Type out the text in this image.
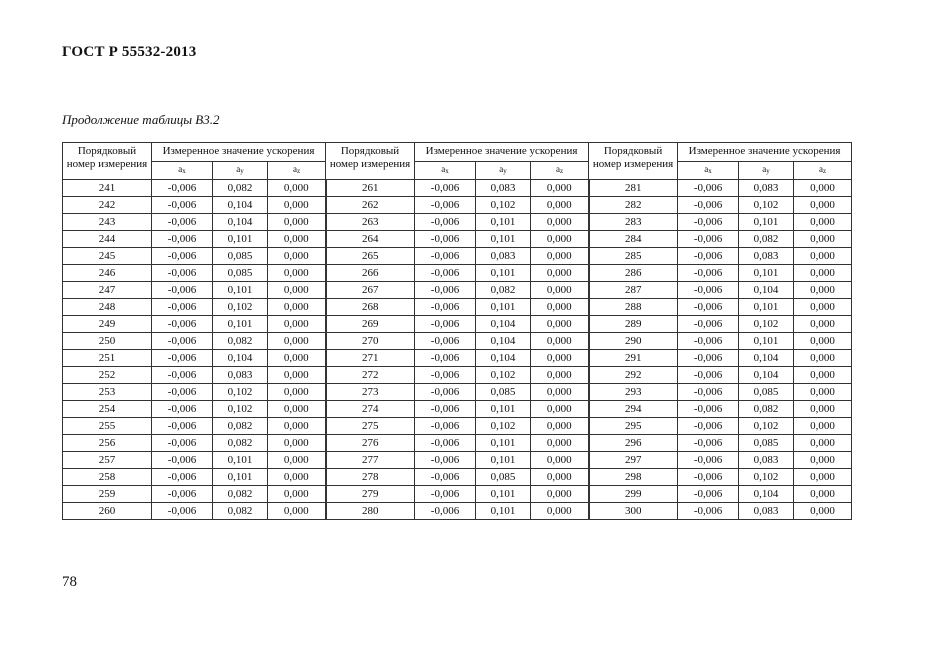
ГОСТ Р 55532-2013
Продолжение таблицы В3.2
Порядковый номер измерения	Измеренное значение ускорения			Порядковый номер измерения	Измеренное значение ускорения			Порядковый номер измерения	Измеренное значение ускорения		
	$a_x$	$a_y$	$a_z$		$a_x$	$a_y$	$a_z$		$a_x$	$a_y$	$a_z$
241	-0,006	0,082	0,000	261	-0,006	0,083	0,000	281	-0,006	0,083	0,000
242	-0,006	0,104	0,000	262	-0,006	0,102	0,000	282	-0,006	0,102	0,000
243	-0,006	0,104	0,000	263	-0,006	0,101	0,000	283	-0,006	0,101	0,000
244	-0,006	0,101	0,000	264	-0,006	0,101	0,000	284	-0,006	0,082	0,000
245	-0,006	0,085	0,000	265	-0,006	0,083	0,000	285	-0,006	0,083	0,000
246	-0,006	0,085	0,000	266	-0,006	0,101	0,000	286	-0,006	0,101	0,000
247	-0,006	0,101	0,000	267	-0,006	0,082	0,000	287	-0,006	0,104	0,000
248	-0,006	0,102	0,000	268	-0,006	0,101	0,000	288	-0,006	0,101	0,000
249	-0,006	0,101	0,000	269	-0,006	0,104	0,000	289	-0,006	0,102	0,000
250	-0,006	0,082	0,000	270	-0,006	0,104	0,000	290	-0,006	0,101	0,000
251	-0,006	0,104	0,000	271	-0,006	0,104	0,000	291	-0,006	0,104	0,000
252	-0,006	0,083	0,000	272	-0,006	0,102	0,000	292	-0,006	0,104	0,000
253	-0,006	0,102	0,000	273	-0,006	0,085	0,000	293	-0,006	0,085	0,000
254	-0,006	0,102	0,000	274	-0,006	0,101	0,000	294	-0,006	0,082	0,000
255	-0,006	0,082	0,000	275	-0,006	0,102	0,000	295	-0,006	0,102	0,000
256	-0,006	0,082	0,000	276	-0,006	0,101	0,000	296	-0,006	0,085	0,000
257	-0,006	0,101	0,000	277	-0,006	0,101	0,000	297	-0,006	0,083	0,000
258	-0,006	0,101	0,000	278	-0,006	0,085	0,000	298	-0,006	0,102	0,000
259	-0,006	0,082	0,000	279	-0,006	0,101	0,000	299	-0,006	0,104	0,000
260	-0,006	0,082	0,000	280	-0,006	0,101	0,000	300	-0,006	0,083	0,000
78
